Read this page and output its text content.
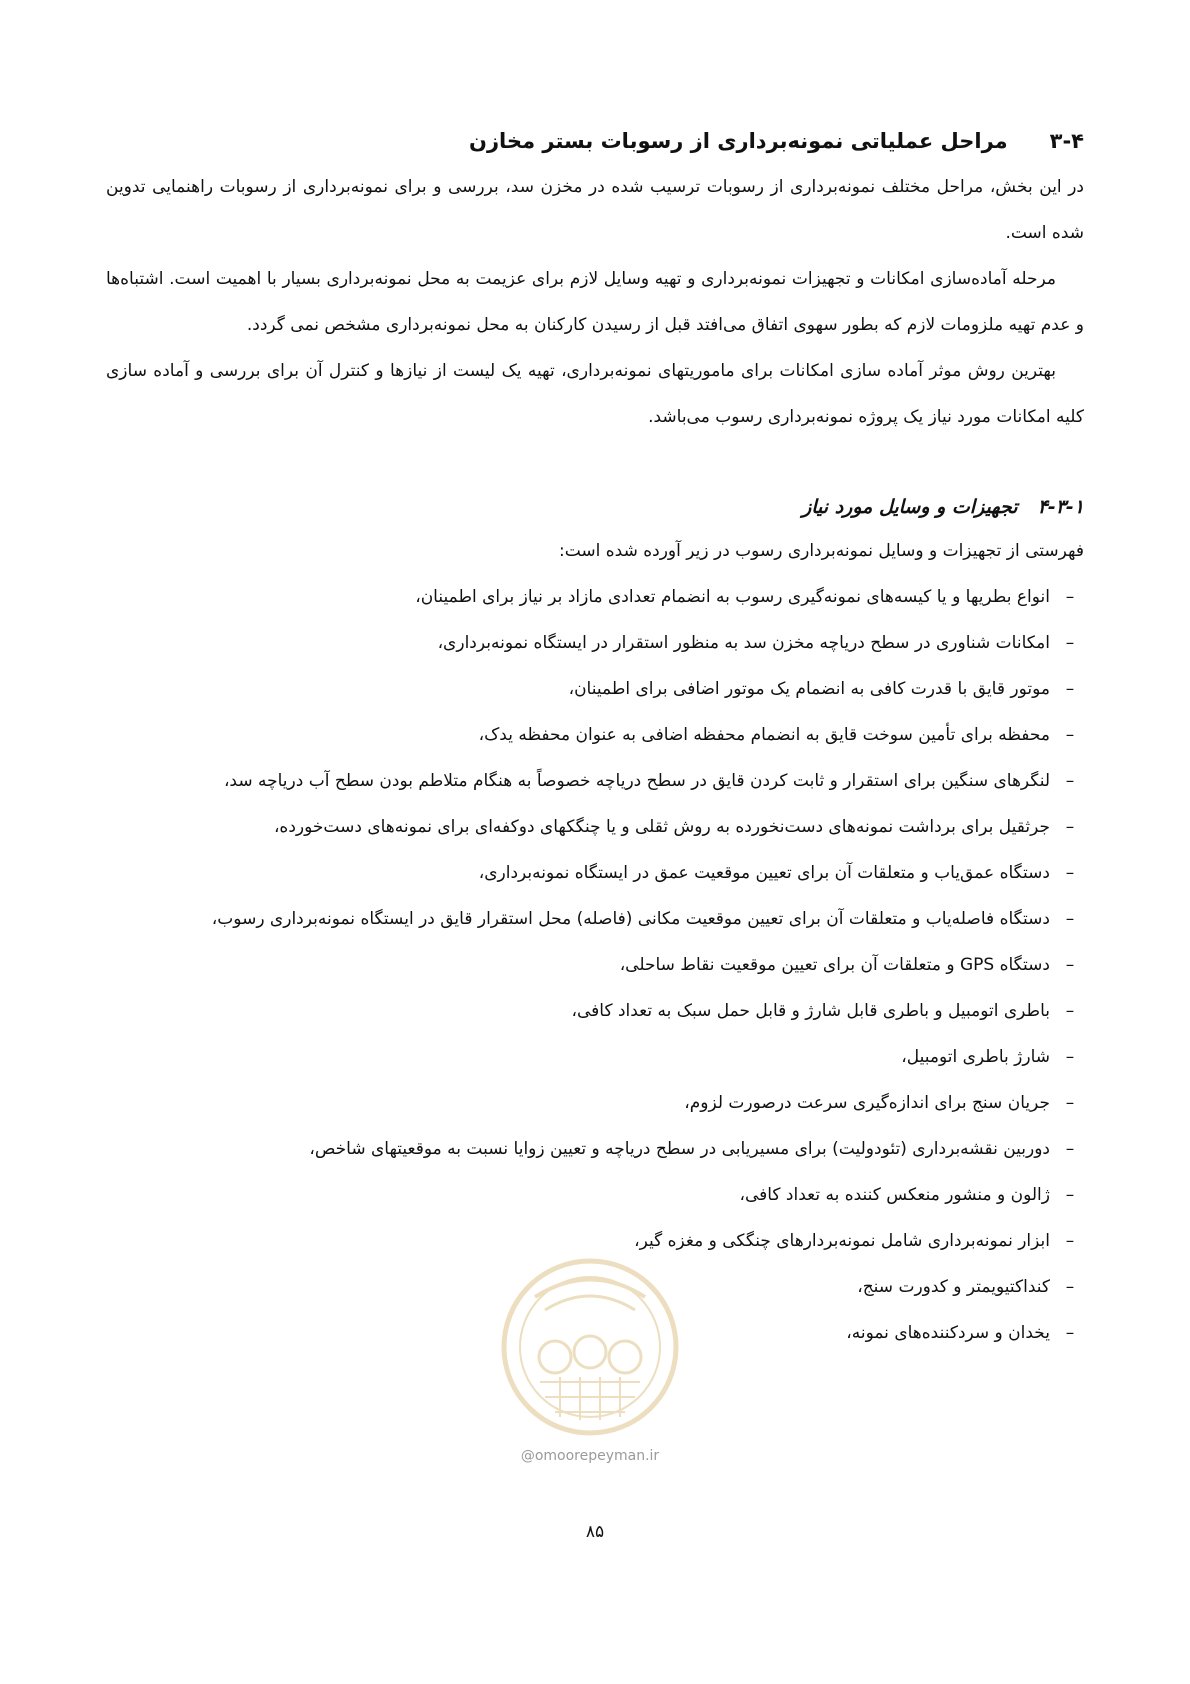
۳-۴
مراحل عملیاتی نمونه‌برداری از رسوبات بستر مخازن

در این بخش، مراحل مختلف نمونه‌برداری از رسوبات ترسیب شده در مخزن سد، بررسی و برای نمونه‌برداری از رسوبات راهنمایی تدوین شده است.

مرحله آماده‌سازی امکانات و تجهیزات نمونه‌برداری و تهیه وسایل لازم برای عزیمت به محل نمونه‌برداری بسیار با اهمیت است. اشتباه‌ها و عدم تهیه ملزومات لازم که بطور سهوی اتفاق می‌افتد قبل از رسیدن کارکنان به محل نمونه‌برداری مشخص نمی گردد.

بهترین روش موثر آماده سازی امکانات برای ماموریتهای نمونه‌برداری، تهیه یک لیست از نیازها و کنترل آن برای بررسی و آماده سازی کلیه امکانات مورد نیاز یک پروژه نمونه‌برداری رسوب می‌باشد.

۴-۳-۱
تجهیزات و وسایل مورد نیاز

فهرستی از تجهیزات و وسایل نمونه‌برداری رسوب در زیر آورده شده است:

–
انواع بطریها و یا کیسه‌های نمونه‌گیری رسوب به انضمام تعدادی مازاد بر نیاز برای اطمینان،
–
امکانات شناوری در سطح دریاچه مخزن سد به منظور استقرار در ایستگاه نمونه‌برداری،
–
موتور قایق با قدرت کافی به انضمام یک موتور اضافی برای اطمینان،
–
محفظه برای تأمین سوخت قایق به انضمام محفظه اضافی به عنوان محفظه یدک،
–
لنگرهای سنگین برای استقرار و ثابت کردن قایق در سطح دریاچه خصوصاً به هنگام متلاطم بودن سطح آب دریاچه سد،
–
جرثقیل برای برداشت نمونه‌های دست‌نخورده به روش ثقلی و یا چنگکهای دوکفه‌ای برای نمونه‌های دست‌خورده،
–
دستگاه عمق‌یاب و متعلقات آن برای تعیین موقعیت عمق در ایستگاه نمونه‌برداری،
–
دستگاه فاصله‌یاب و متعلقات آن برای تعیین موقعیت مکانی (فاصله) محل استقرار قایق در ایستگاه نمونه‌برداری رسوب،
–
دستگاه GPS و متعلقات آن برای تعیین موقعیت نقاط ساحلی،
–
باطری اتومبیل و باطری قابل شارژ و قابل حمل سبک به تعداد کافی،
–
شارژ باطری اتومبیل،
–
جریان سنج برای اندازه‌گیری سرعت درصورت لزوم،
–
دوربین نقشه‌برداری (تئودولیت) برای مسیریابی در سطح دریاچه و تعیین زوایا نسبت به موقعیتهای شاخص،
–
ژالون و منشور منعکس کننده به تعداد کافی،
–
ابزار نمونه‌برداری شامل نمونه‌بردارهای چنگکی و مغزه گیر،
–
کنداکتیویمتر و کدورت سنج،
–
یخدان و سردکننده‌های نمونه،
@omoorepeyman.ir
۸۵
